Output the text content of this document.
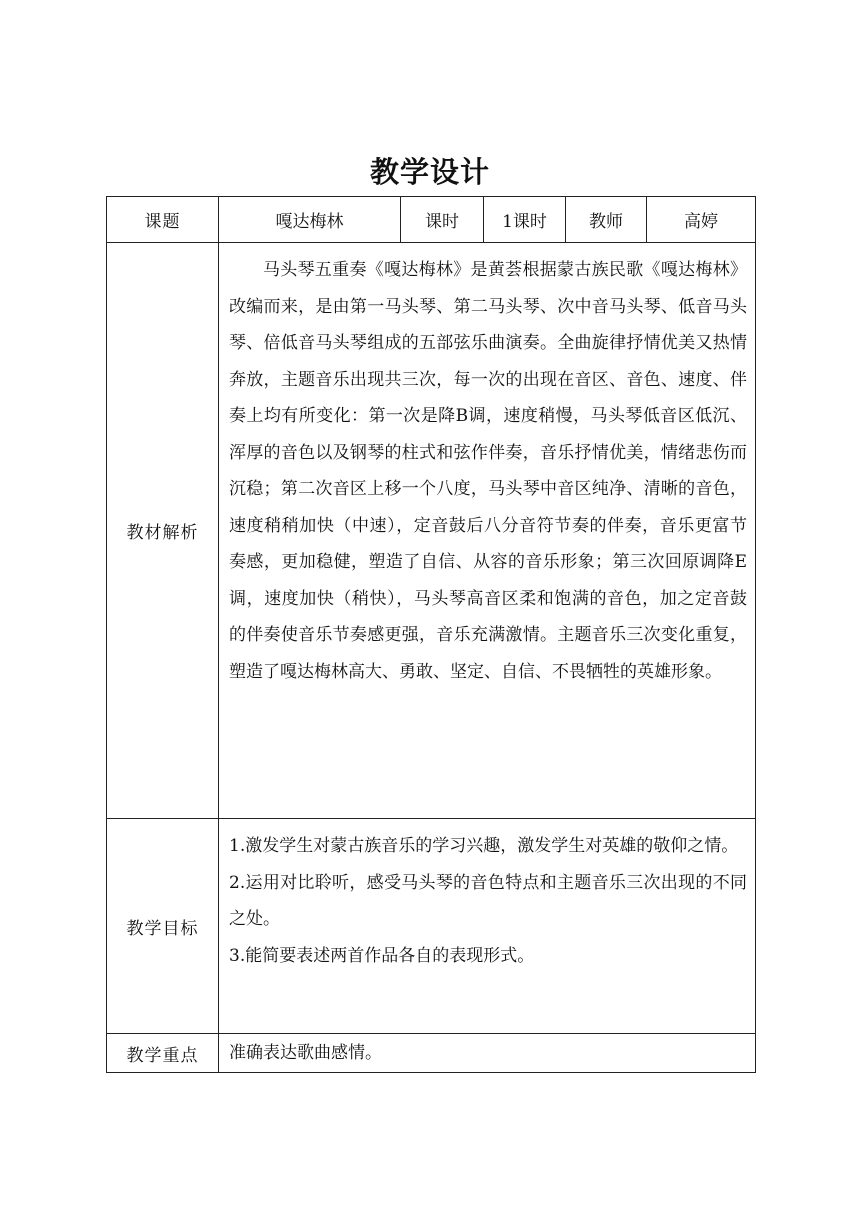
教学设计
课题	嘎达梅林	课时	1课时	教师	高婷
教材解析	马头琴五重奏《嘎达梅林》是黄荟根据蒙古族民歌《嘎达梅林》改编而来，是由第一马头琴、第二马头琴、次中音马头琴、低音马头琴、倍低音马头琴组成的五部弦乐曲演奏。全曲旋律抒情优美又热情奔放，主题音乐出现共三次，每一次的出现在音区、音色、速度、伴奏上均有所变化：第一次是降B调，速度稍慢，马头琴低音区低沉、浑厚的音色以及钢琴的柱式和弦作伴奏，音乐抒情优美，情绪悲伤而沉稳；第二次音区上移一个八度，马头琴中音区纯净、清晰的音色，速度稍稍加快（中速），定音鼓后八分音符节奏的伴奏，音乐更富节奏感，更加稳健，塑造了自信、从容的音乐形象；第三次回原调降E调，速度加快（稍快），马头琴高音区柔和饱满的音色，加之定音鼓的伴奏使音乐节奏感更强，音乐充满激情。主题音乐三次变化重复，塑造了嘎达梅林高大、勇敢、坚定、自信、不畏牺牲的英雄形象。				

教学目标	1.激发学生对蒙古族音乐的学习兴趣，激发学生对英雄的敬仰之情。

2.运用对比聆听，感受马头琴的音色特点和主题音乐三次出现的不同之处。

3.能简要表述两首作品各自的表现形式。				

教学重点	准确表达歌曲感情。				
